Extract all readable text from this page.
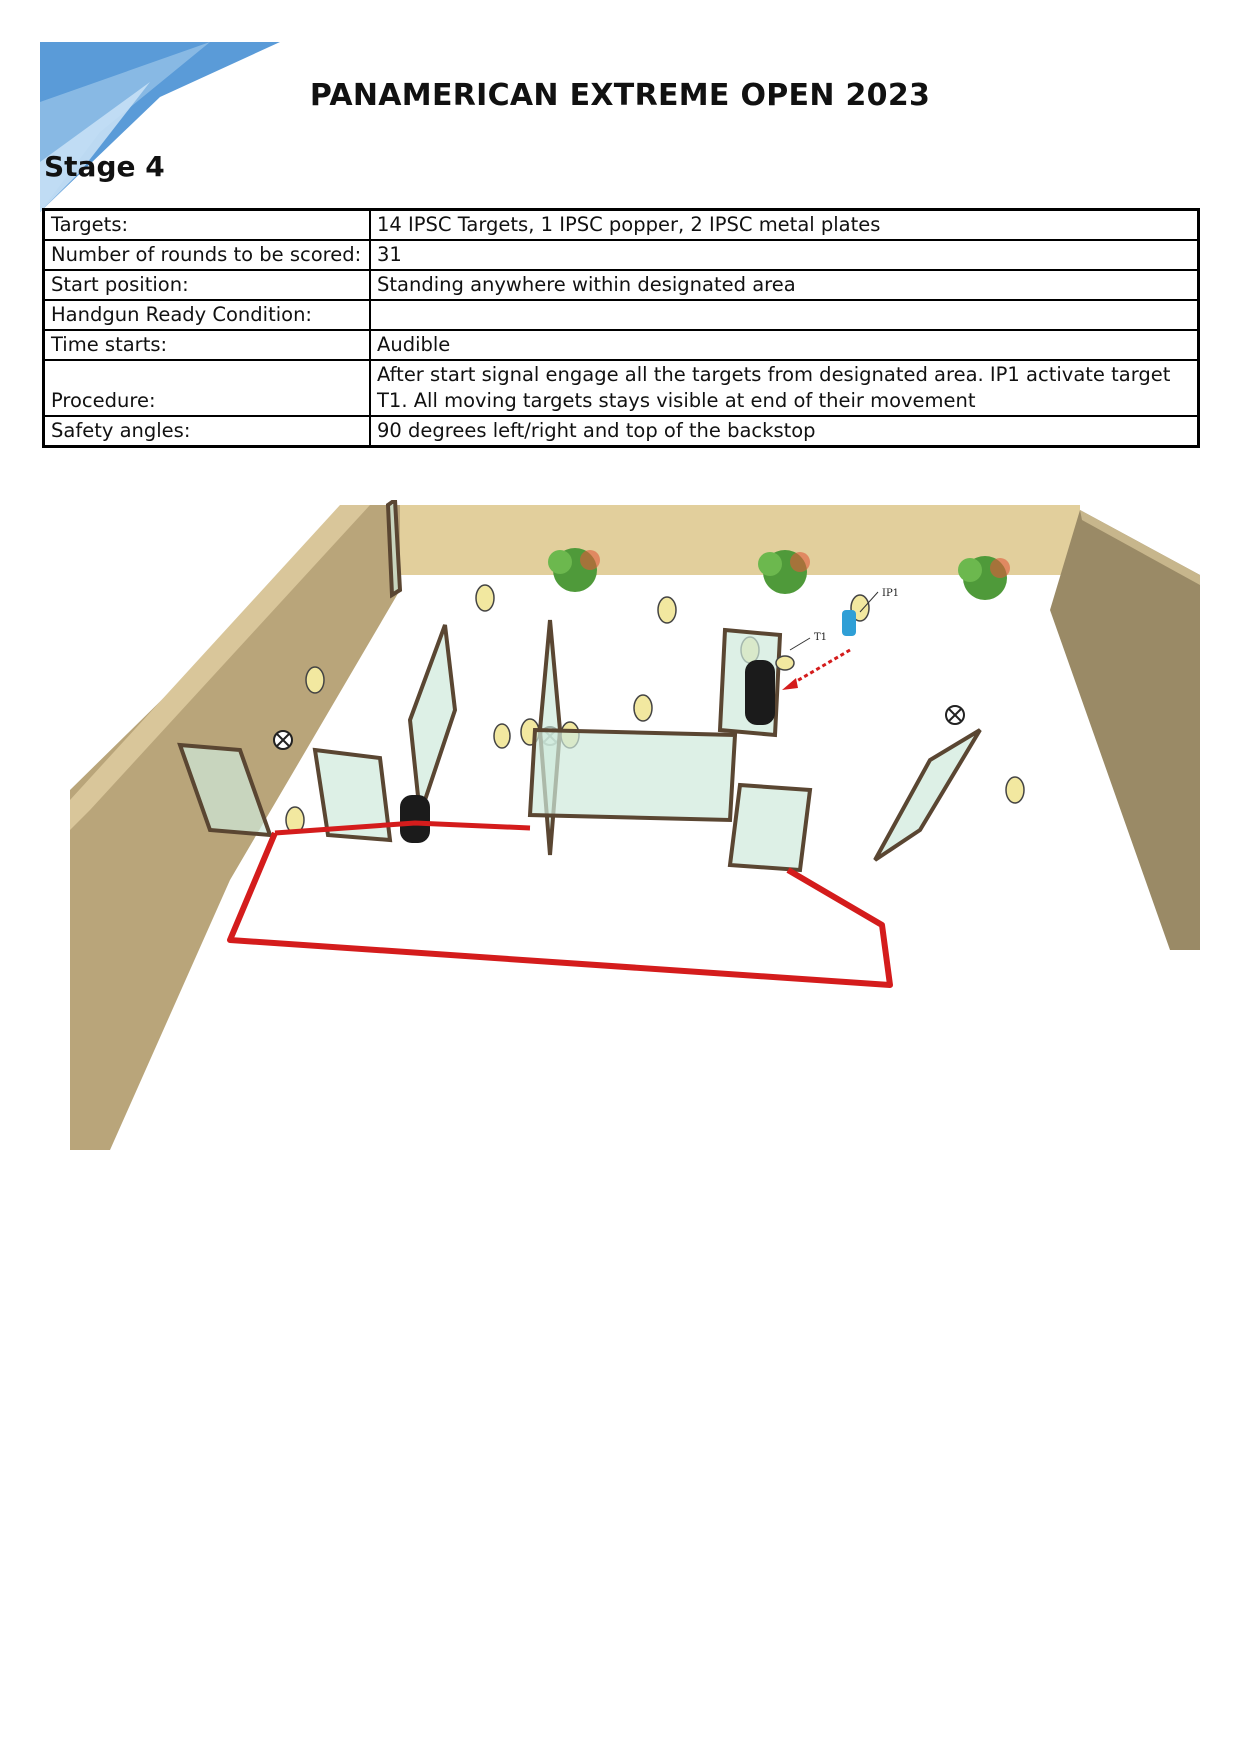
PANAMERICAN EXTREME OPEN 2023
Stage 4
Targets:	14 IPSC Targets, 1 IPSC popper, 2 IPSC metal plates
Number of rounds to be scored:	31
Start position:	Standing anywhere within designated area
Handgun Ready Condition:	
Time starts:	Audible
Procedure:	After start signal engage all the targets from designated area. IP1 activate target T1. All moving targets stays visible at end of their movement
Safety angles:	90 degrees left/right and top of the backstop
IP1
T1
